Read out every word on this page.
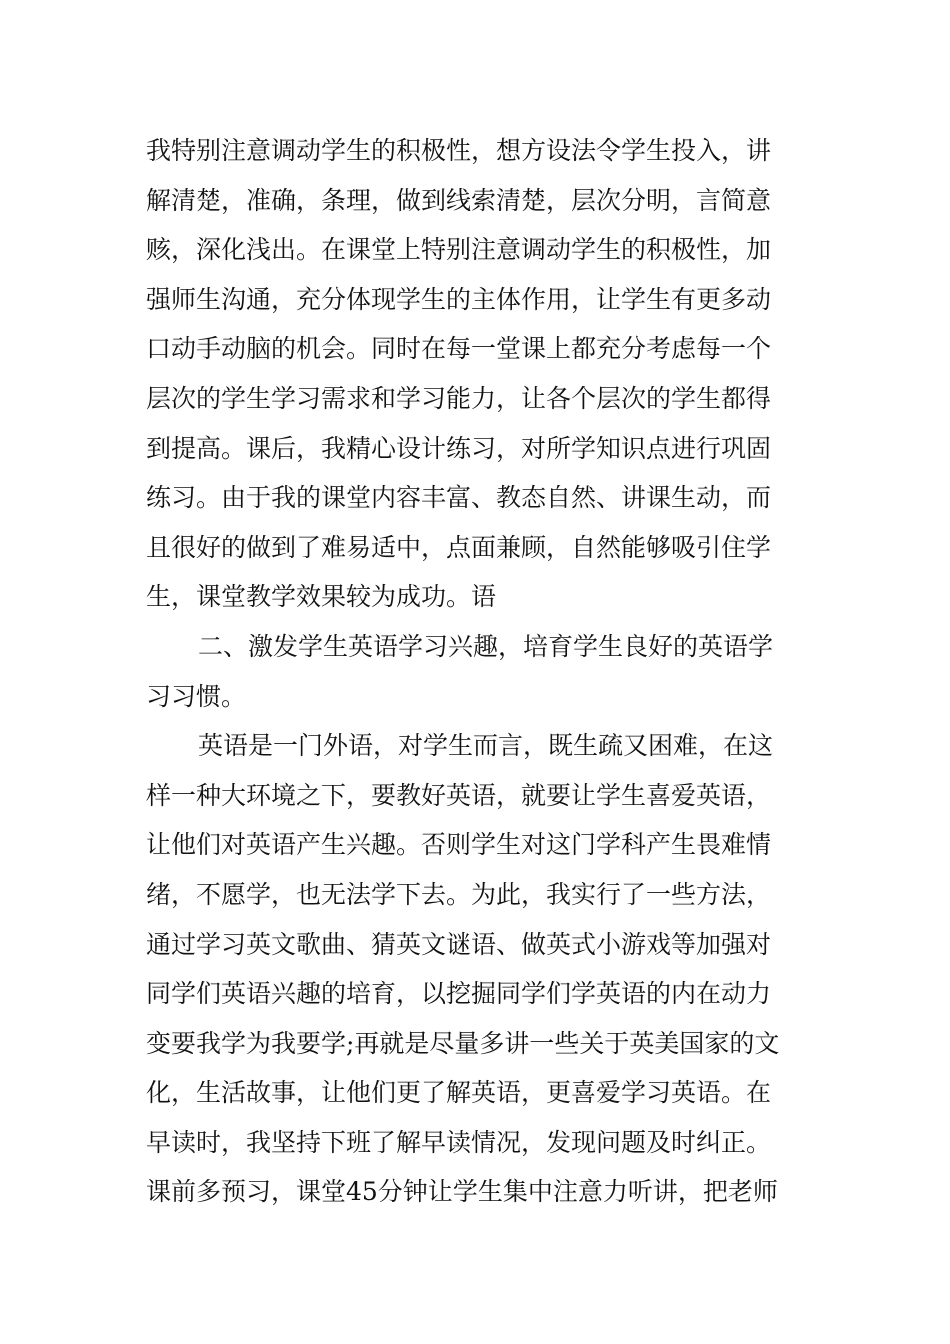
我特别注意调动学生的积极性，想方设法令学生投入，讲
解清楚，准确，条理，做到线索清楚，层次分明，言简意
赅，深化浅出。在课堂上特别注意调动学生的积极性，加
强师生沟通，充分体现学生的主体作用，让学生有更多动
口动手动脑的机会。同时在每一堂课上都充分考虑每一个
层次的学生学习需求和学习能力，让各个层次的学生都得
到提高。课后，我精心设计练习，对所学知识点进行巩固
练习。由于我的课堂内容丰富、教态自然、讲课生动，而
且很好的做到了难易适中，点面兼顾，自然能够吸引住学
生，课堂教学效果较为成功。语
二、激发学生英语学习兴趣，培育学生良好的英语学
习习惯。
英语是一门外语，对学生而言，既生疏又困难，在这
样一种大环境之下，要教好英语，就要让学生喜爱英语，
让他们对英语产生兴趣。否则学生对这门学科产生畏难情
绪，不愿学，也无法学下去。为此，我实行了一些方法，
通过学习英文歌曲、猜英文谜语、做英式小游戏等加强对
同学们英语兴趣的培育，以挖掘同学们学英语的内在动力
变要我学为我要学;再就是尽量多讲一些关于英美国家的文
化，生活故事，让他们更了解英语，更喜爱学习英语。在
早读时，我坚持下班了解早读情况，发现问题及时纠正。
课前多预习，课堂45分钟让学生集中注意力听讲，把老师
